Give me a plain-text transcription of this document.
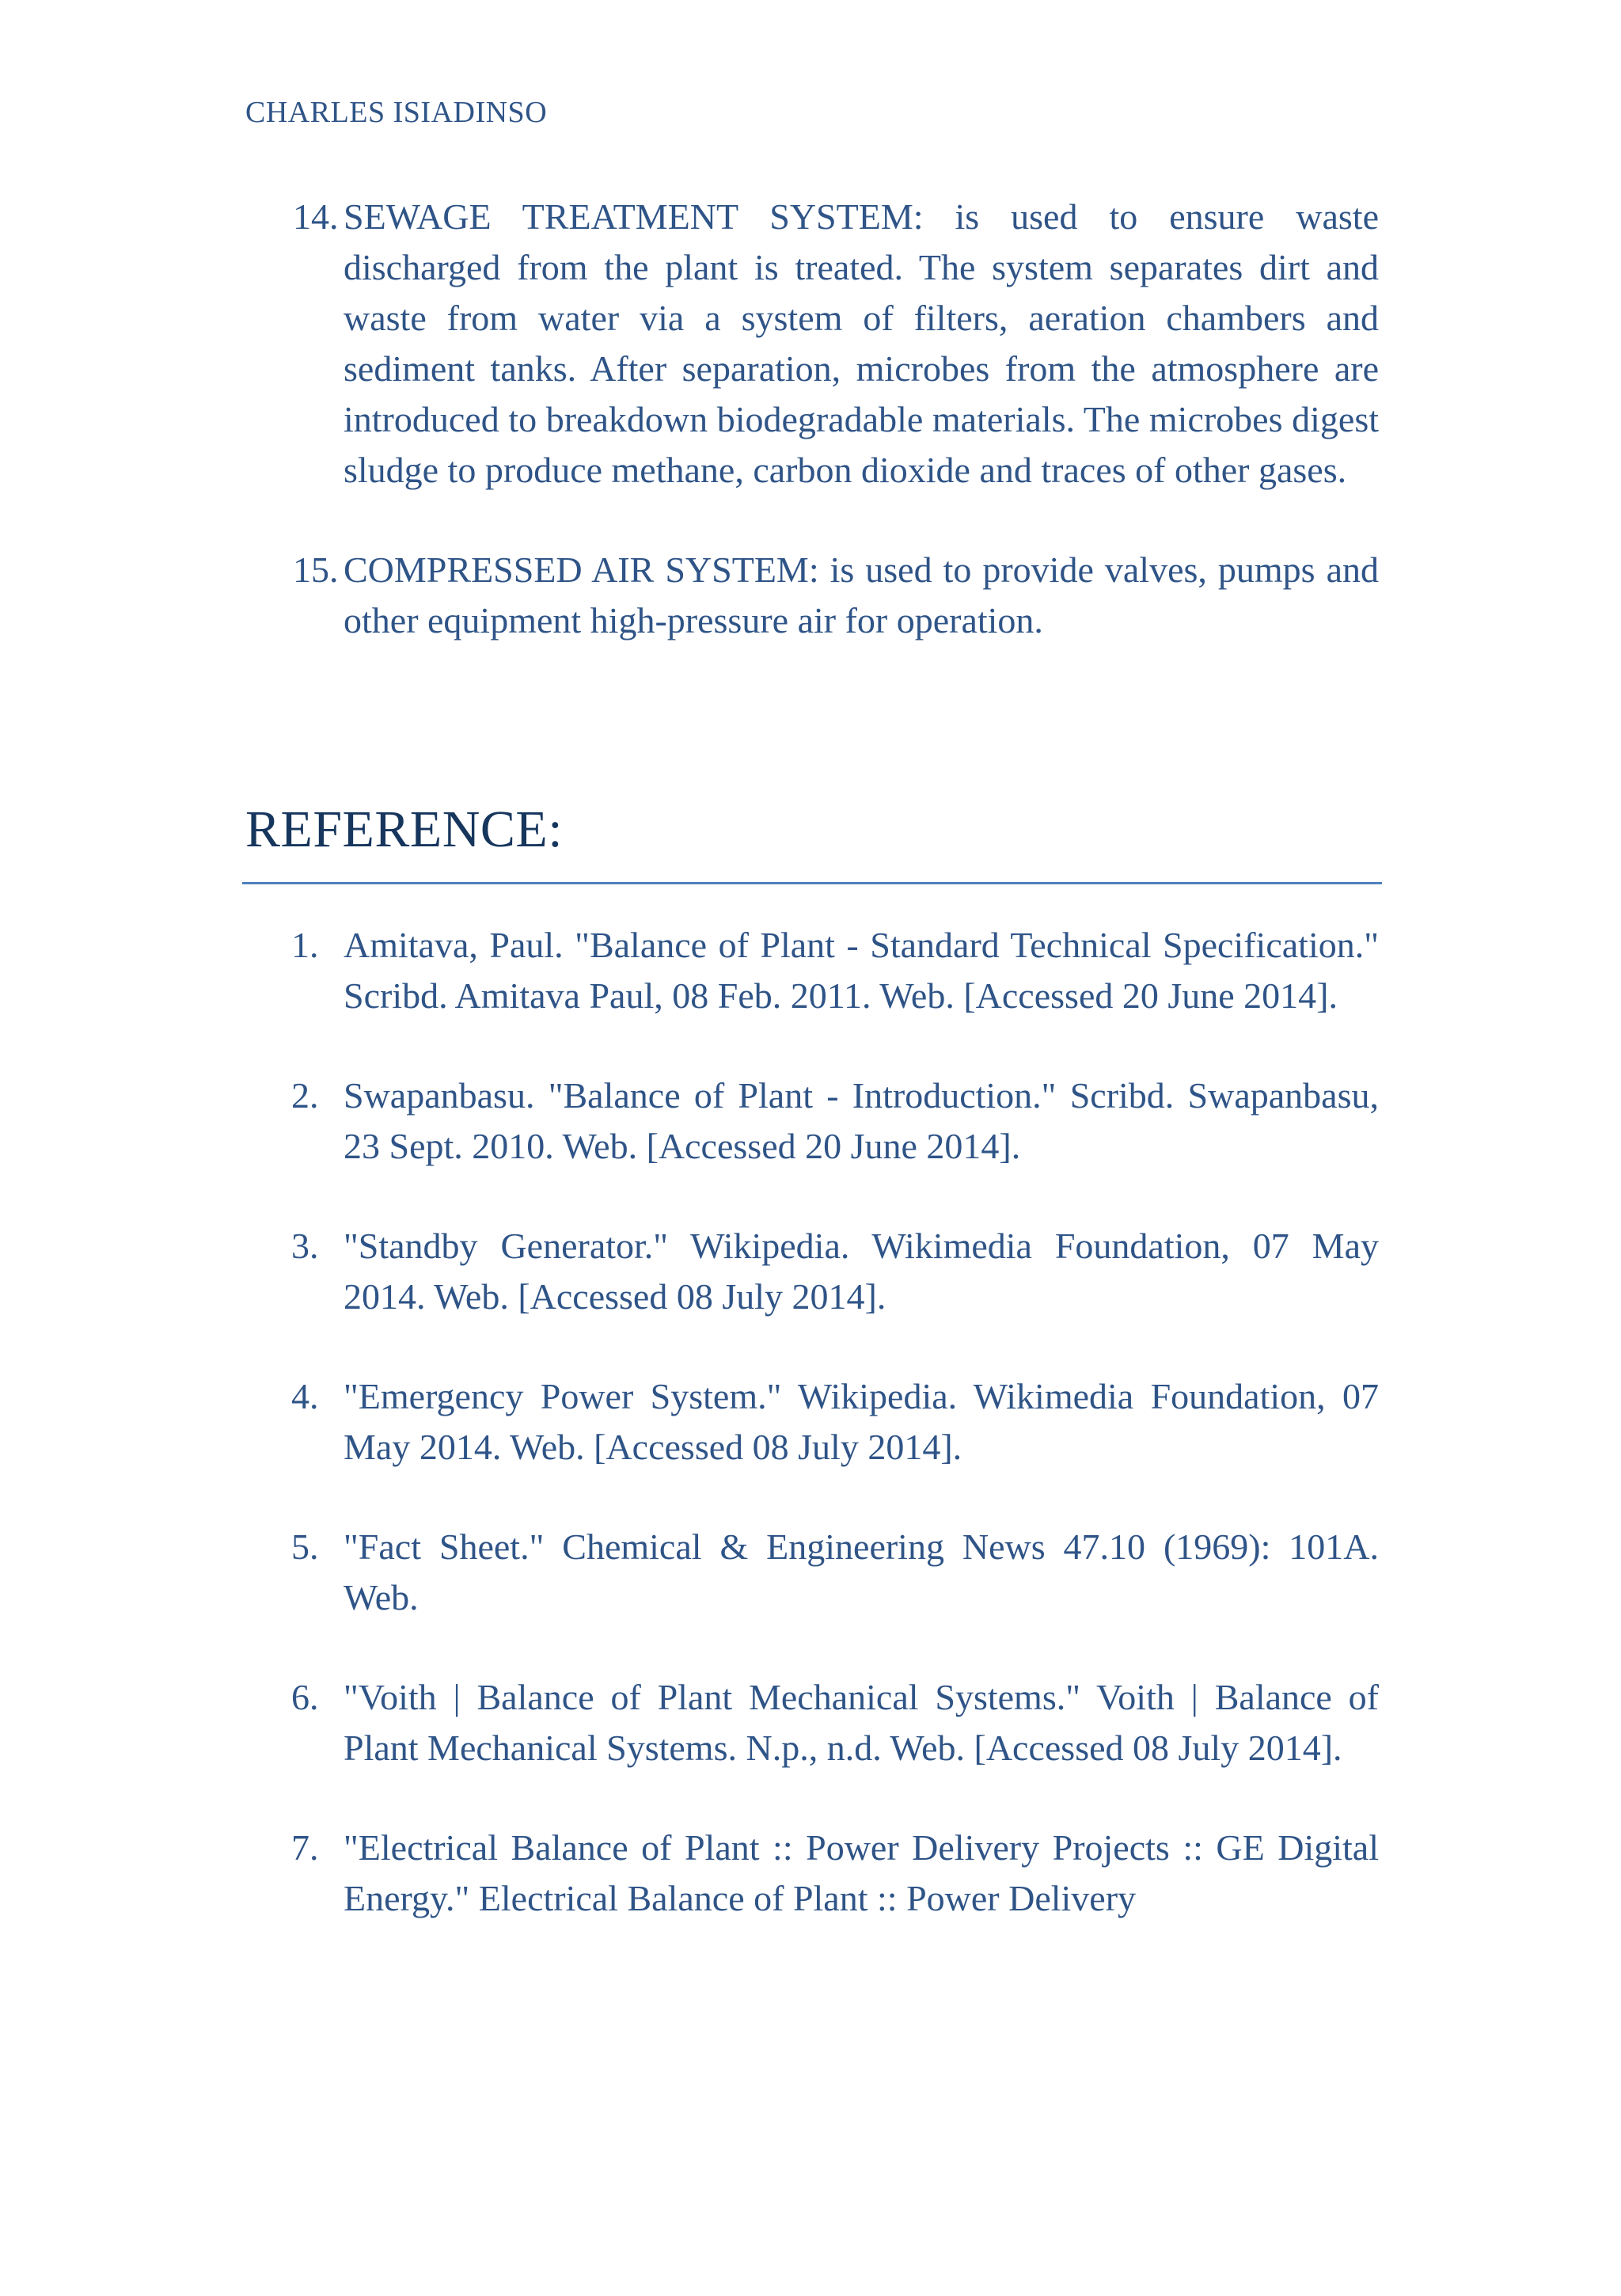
CHARLES ISIADINSO
14. SEWAGE TREATMENT SYSTEM: is used to ensure waste discharged from the plant is treated. The system separates dirt and waste from water via a system of filters, aeration chambers and sediment tanks. After separation, microbes from the atmosphere are introduced to breakdown biodegradable materials. The microbes digest sludge to produce methane, carbon dioxide and traces of other gases.
15. COMPRESSED AIR SYSTEM: is used to provide valves, pumps and other equipment high-pressure air for operation.
REFERENCE:
1. Amitava, Paul. "Balance of Plant - Standard Technical Specification." Scribd. Amitava Paul, 08 Feb. 2011. Web. [Accessed 20 June 2014].
2. Swapanbasu. "Balance of Plant - Introduction." Scribd. Swapanbasu, 23 Sept. 2010. Web. [Accessed 20 June 2014].
3. "Standby Generator." Wikipedia. Wikimedia Foundation, 07 May 2014. Web. [Accessed 08 July 2014].
4. "Emergency Power System." Wikipedia. Wikimedia Foundation, 07 May 2014. Web. [Accessed 08 July 2014].
5. "Fact Sheet." Chemical & Engineering News 47.10 (1969): 101A. Web.
6. "Voith | Balance of Plant Mechanical Systems." Voith | Balance of Plant Mechanical Systems. N.p., n.d. Web. [Accessed 08 July 2014].
7. "Electrical Balance of Plant :: Power Delivery Projects :: GE Digital Energy." Electrical Balance of Plant :: Power Delivery
